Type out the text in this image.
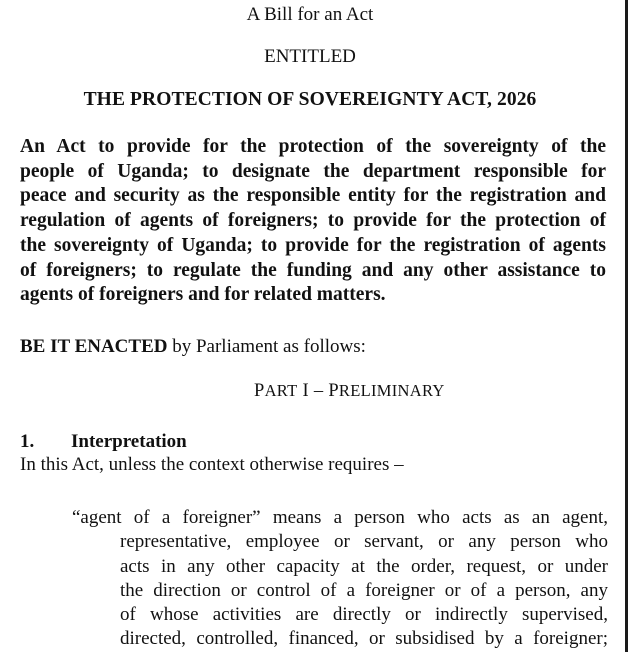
A Bill for an Act
ENTITLED
THE PROTECTION OF SOVEREIGNTY ACT, 2026

An Act to provide for the protection of the sovereignty of the
people of Uganda; to designate the department responsible for
peace and security as the responsible entity for the registration and
regulation of agents of foreigners; to provide for the protection of
the sovereignty of Uganda; to provide for the registration of agents
of foreigners; to regulate the funding and any other assistance to
agents of foreigners and for related matters.

BE IT ENACTED by Parliament as follows:
PART I – PRELIMINARY
1. Interpretation
In this Act, unless the context otherwise requires –
“agent of a foreigner” means a person who acts as an agent,
representative, employee or servant, or any person who
acts in any other capacity at the order, request, or under
the direction or control of a foreigner or of a person, any
of whose activities are directly or indirectly supervised,
directed, controlled, financed, or subsidised by a foreigner;
